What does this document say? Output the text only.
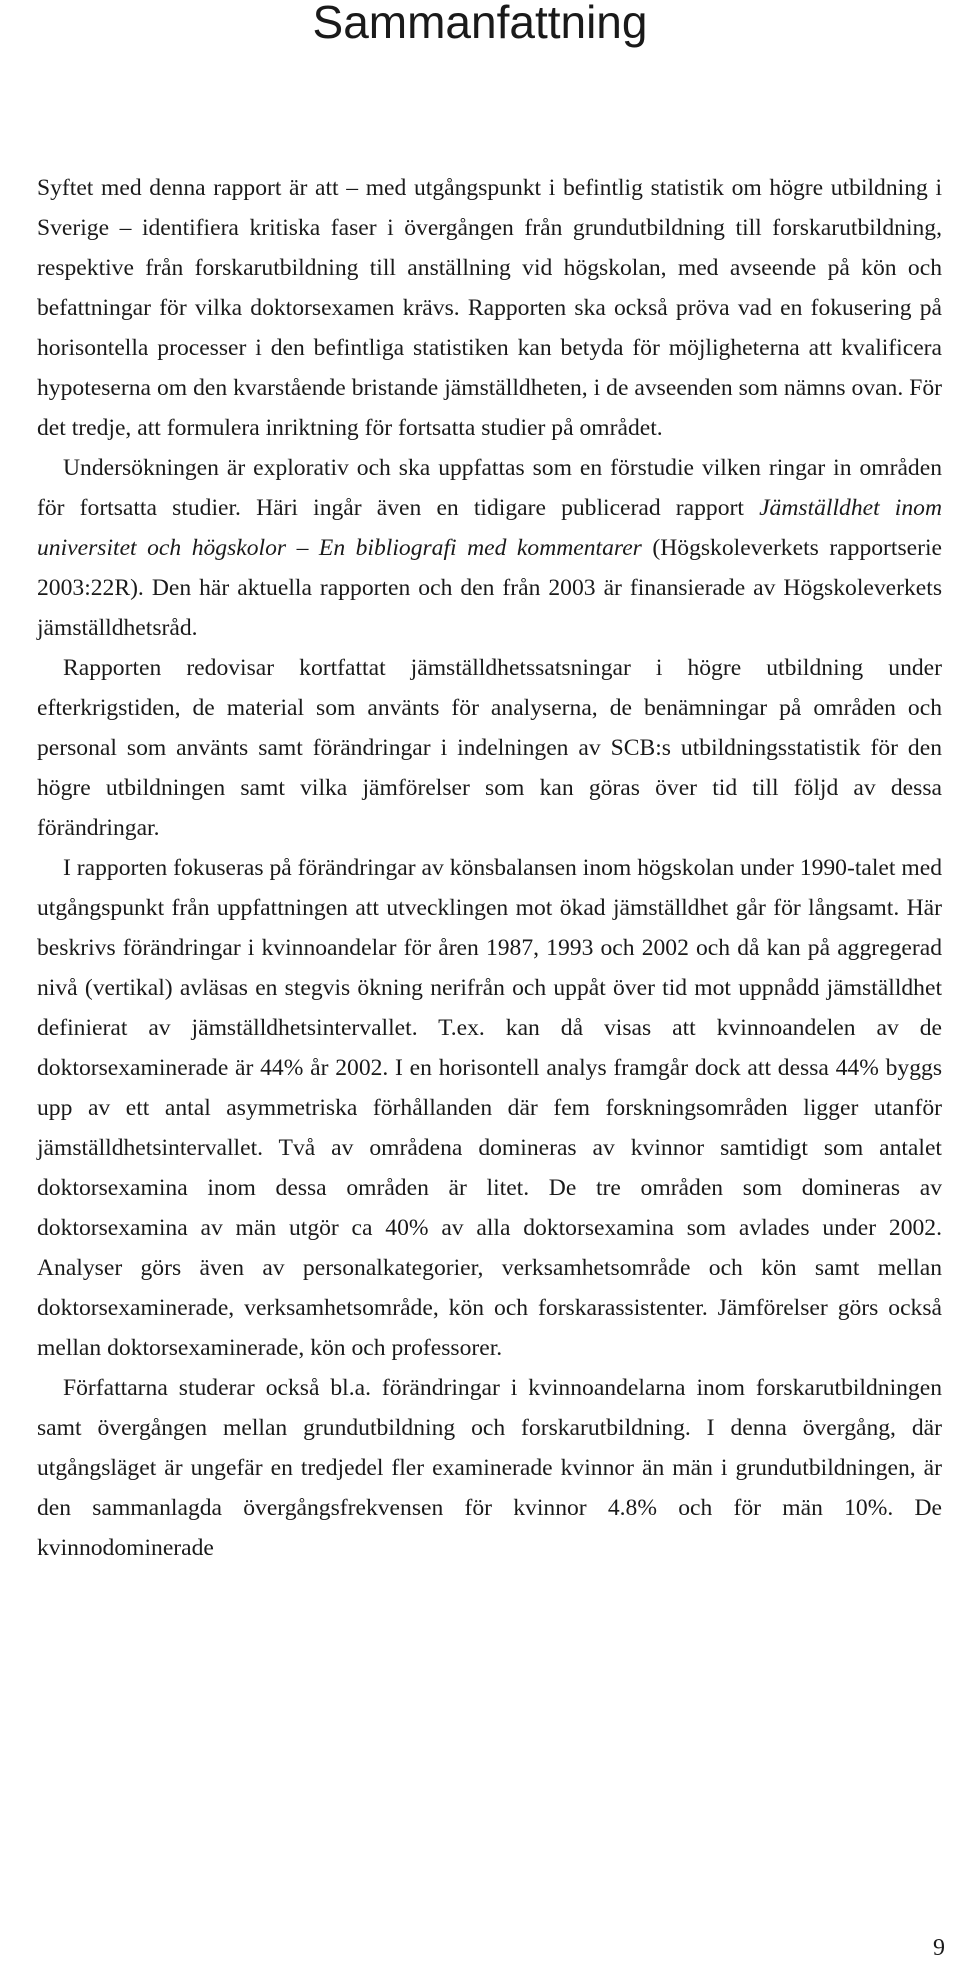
Sammanfattning

Syftet med denna rapport är att – med utgångspunkt i befintlig statistik om högre utbildning i Sverige – identifiera kritiska faser i övergången från grundutbildning till forskarutbildning, respektive från forskarutbildning till anställning vid högskolan, med avseende på kön och befattningar för vilka doktorsexamen krävs. Rapporten ska också pröva vad en fokusering på horisontella processer i den befintliga statistiken kan betyda för möjligheterna att kvalificera hypoteserna om den kvarstående bristande jämställdheten, i de avseenden som nämns ovan. För det tredje, att formulera inriktning för fortsatta studier på området.

Undersökningen är explorativ och ska uppfattas som en förstudie vilken ringar in områden för fortsatta studier. Häri ingår även en tidigare publicerad rapport Jämställdhet inom universitet och högskolor – En bibliografi med kommentarer (Högskoleverkets rapportserie 2003:22R). Den här aktuella rapporten och den från 2003 är finansierade av Högskoleverkets jämställdhetsråd.

Rapporten redovisar kortfattat jämställdhetssatsningar i högre utbildning under efterkrigstiden, de material som använts för analyserna, de benämningar på områden och personal som använts samt förändringar i indelningen av SCB:s utbildningsstatistik för den högre utbildningen samt vilka jämförelser som kan göras över tid till följd av dessa förändringar.

I rapporten fokuseras på förändringar av könsbalansen inom högskolan under 1990-talet med utgångspunkt från uppfattningen att utvecklingen mot ökad jämställdhet går för långsamt. Här beskrivs förändringar i kvinnoandelar för åren 1987, 1993 och 2002 och då kan på aggregerad nivå (vertikal) avläsas en stegvis ökning nerifrån och uppåt över tid mot uppnådd jämställdhet definierat av jämställdhetsintervallet. T.ex. kan då visas att kvinnoandelen av de doktorsexaminerade är 44% år 2002. I en horisontell analys framgår dock att dessa 44% byggs upp av ett antal asymmetriska förhållanden där fem forskningsområden ligger utanför jämställdhetsintervallet. Två av områdena domineras av kvinnor samtidigt som antalet doktorsexamina inom dessa områden är litet. De tre områden som domineras av doktorsexamina av män utgör ca 40% av alla doktorsexamina som avlades under 2002. Analyser görs även av personalkategorier, verksamhetsområde och kön samt mellan doktorsexaminerade, verksamhetsområde, kön och forskarassistenter. Jämförelser görs också mellan doktorsexaminerade, kön och professorer.

Författarna studerar också bl.a. förändringar i kvinnoandelarna inom forskarutbildningen samt övergången mellan grundutbildning och forskarutbildning. I denna övergång, där utgångsläget är ungefär en tredjedel fler examinerade kvinnor än män i grundutbildningen, är den sammanlagda övergångsfrekvensen för kvinnor 4.8% och för män 10%. De kvinnodominerade

9
